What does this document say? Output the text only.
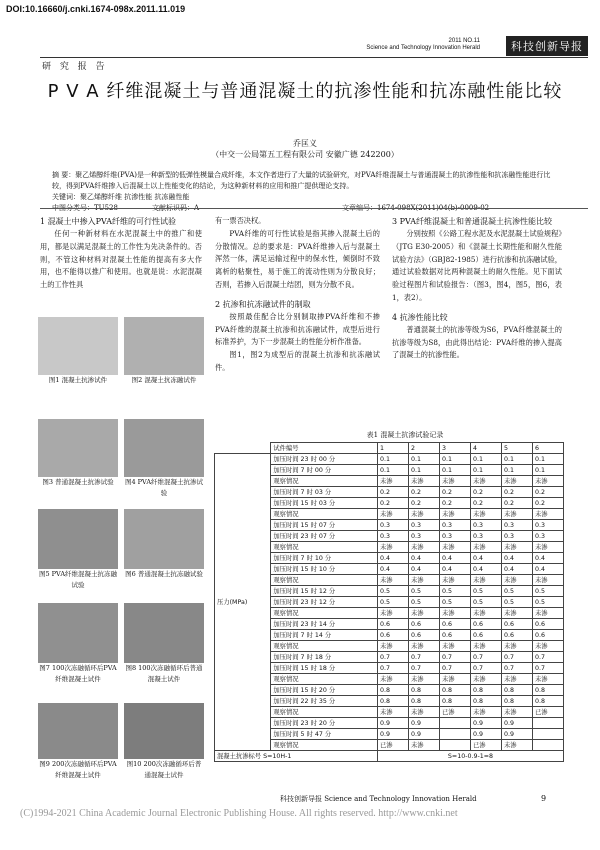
DOI:10.16660/j.cnki.1674-098x.2011.11.019
2011 NO.11
Science and Technology Innovation Herald	科技创新导报
研 究 报 告
P V A 纤维混凝土与普通混凝土的抗渗性能和抗冻融性能比较
乔匡义
（中交一公局第五工程有限公司 安徽广德 242200）
摘 要：聚乙烯醇纤维(PVA)是一种新型的低弹性模量合成纤维，本文作者进行了大量的试验研究，对PVA纤维混凝土与普通混凝土的抗渗性能和抗冻融性能进行比较，得到PVA纤维掺入后混凝土以上性能变化的结论，为这种新材料的应用和推广提供理论支持。
关键词：聚乙烯醇纤维 抗渗性能 抗冻融性能
中图分类号：TU528	文献标识码：A	文章编号：1674-098X(2011)04(b)-0009-02

1 混凝土中掺入PVA纤维的可行性试验

任何一种新材料在水泥混凝土中的推广和使用，都是以满足混凝土的工作性为先决条件的。否则，不管这种材料对混凝土性能的提高有多大作用，也不能得以推广和使用。也就是说：水泥混凝土的工作性具

图1 混凝土抗渗试件	图2 混凝土抗冻融试件
图3 普通混凝土抗渗试验	图4 PVA纤维混凝土抗渗试验
图5 PVA纤维混凝土抗冻融试验
图6 普通混凝土抗冻融试验
图7 100次冻融循环后PVA纤维混凝土试件
图8 100次冻融循环后普通混凝土试件
图9 200次冻融循环后PVA纤维混凝土试件
图10 200次冻融循环后普通混凝土试件

有一票否决权。

PVA纤维的可行性试验是指其掺入混凝土后的分散情况。总的要求是：PVA纤维掺入后与混凝土浑然一体，满足运输过程中的保水性，倾倒时不致离析的粘聚性，易于施工的流动性则为分散良好；否则，若掺入后混凝土结团，则为分散不良。

2 抗渗和抗冻融试件的制取

按照最佳配合比分别制取掺PVA纤维和不掺PVA纤维的混凝土抗渗和抗冻融试件，成型后进行标准养护，为下一步混凝土的性能分析作准备。

图1，图2为成型后的混凝土抗渗和抗冻融试件。

3 PVA纤维混凝土和普通混凝土抗渗性能比较

分别按照《公路工程水泥及水泥混凝土试验规程》（JTG E30-2005）和《混凝土长期性能和耐久性能试验方法》（GBJ82-1985）进行抗渗和抗冻融试验，通过试验数据对比两种混凝土的耐久性能。见下面试验过程图片和试验报告：（图3，图4，图5，图6，表1，表2）。

4 抗渗性能比较

普通混凝土的抗渗等级为S6，PVA纤维混凝土的抗渗等级为S8，由此得出结论：PVA纤维的掺入提高了混凝土的抗渗性能。

表1 混凝土抗渗试验记录
	试件编号	1	2	3	4	5	6
压力(MPa)	加压时间 23 时 00 分	0.1	0.1	0.1	0.1	0.1	0.1
	加压时间 7 时 00 分	0.1	0.1	0.1	0.1	0.1	0.1
	观察情况	未渗	未渗	未渗	未渗	未渗	未渗
	加压时间 7 时 03 分	0.2	0.2	0.2	0.2	0.2	0.2
	加压时间 15 时 03 分	0.2	0.2	0.2	0.2	0.2	0.2
	观察情况	未渗	未渗	未渗	未渗	未渗	未渗
	加压时间 15 时 07 分	0.3	0.3	0.3	0.3	0.3	0.3
	加压时间 23 时 07 分	0.3	0.3	0.3	0.3	0.3	0.3
	观察情况	未渗	未渗	未渗	未渗	未渗	未渗
	加压时间 7 时 10 分	0.4	0.4	0.4	0.4	0.4	0.4
	加压时间 15 时 10 分	0.4	0.4	0.4	0.4	0.4	0.4
	观察情况	未渗	未渗	未渗	未渗	未渗	未渗
	加压时间 15 时 12 分	0.5	0.5	0.5	0.5	0.5	0.5
	加压时间 23 时 12 分	0.5	0.5	0.5	0.5	0.5	0.5
	观察情况	未渗	未渗	未渗	未渗	未渗	未渗
	加压时间 23 时 14 分	0.6	0.6	0.6	0.6	0.6	0.6
	加压时间 7 时 14 分	0.6	0.6	0.6	0.6	0.6	0.6
	观察情况	未渗	未渗	未渗	未渗	未渗	未渗
	加压时间 7 时 18 分	0.7	0.7	0.7	0.7	0.7	0.7
	加压时间 15 时 18 分	0.7	0.7	0.7	0.7	0.7	0.7
	观察情况	未渗	未渗	未渗	未渗	未渗	未渗
	加压时间 15 时 20 分	0.8	0.8	0.8	0.8	0.8	0.8
	加压时间 22 时 35 分	0.8	0.8	0.8	0.8	0.8	0.8
	观察情况	未渗	未渗	已渗	未渗	未渗	已渗
	加压时间 23 时 20 分	0.9	0.9		0.9	0.9	
	加压时间 5 时 47 分	0.9	0.9		0.9	0.9	
	观察情况	已渗	未渗		已渗	未渗	
混凝土抗渗标号 S=10H-1		S=10-0.9-1=8					
科技创新导报 Science and Technology Innovation Herald	9
(C)1994-2021 China Academic Journal Electronic Publishing House. All rights reserved. http://www.cnki.net
